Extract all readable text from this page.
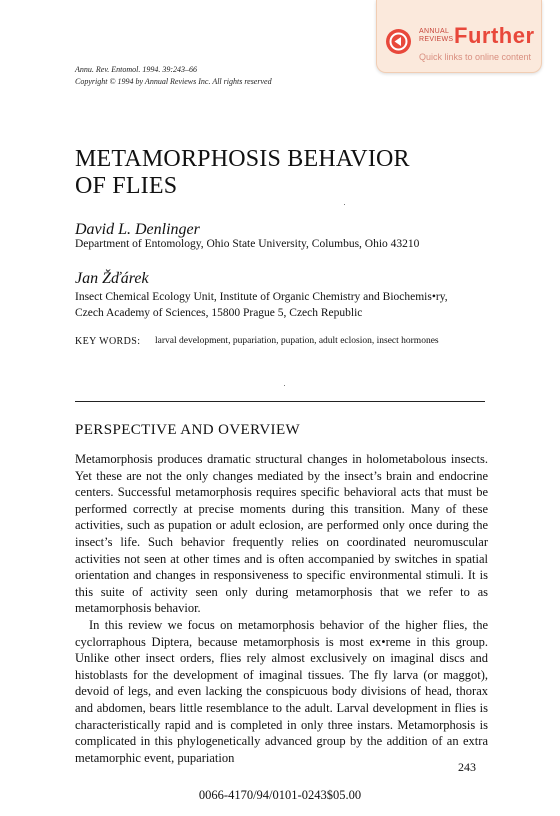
ANNUAL
REVIEWS Further
Quick links to online content
Annu. Rev. Entomol. 1994. 39:243–66
Copyright © 1994 by Annual Reviews Inc. All rights reserved
METAMORPHOSIS BEHAVIOR
OF FLIES
David L. Denlinger
Department of Entomology, Ohio State University, Columbus, Ohio 43210
Jan Žďárek
Insect Chemical Ecology Unit, Institute of Organic Chemistry and Biochemis•ry,
Czech Academy of Sciences, 15800 Prague 5, Czech Republic
KEY WORDS: larval development, pupariation, pupation, adult eclosion, insect hormones
PERSPECTIVE AND OVERVIEW

Metamorphosis produces dramatic structural changes in holometabolous insects. Yet these are not the only changes mediated by the insect’s brain and endocrine centers. Successful metamorphosis requires specific behavioral acts that must be performed correctly at precise moments during this transition. Many of these activities, such as pupation or adult eclosion, are performed only once during the insect’s life. Such behavior frequently relies on coordinated neuromuscular activities not seen at other times and is often accompanied by switches in spatial orientation and changes in responsiveness to specific environmental stimuli. It is this suite of activity seen only during metamorphosis that we refer to as metamorphosis behavior.

In this review we focus on metamorphosis behavior of the higher flies, the cyclorraphous Diptera, because metamorphosis is most ex•reme in this group. Unlike other insect orders, flies rely almost exclusively on imaginal discs and histoblasts for the development of imaginal tissues. The fly larva (or maggot), devoid of legs, and even lacking the conspicuous body divisions of head, thorax and abdomen, bears little resemblance to the adult. Larval development in flies is characteristically rapid and is completed in only three instars. Metamorphosis is complicated in this phylogenetically advanced group by the addition of an extra metamorphic event, pupariation

243
0066-4170/94/0101-0243$05.00
